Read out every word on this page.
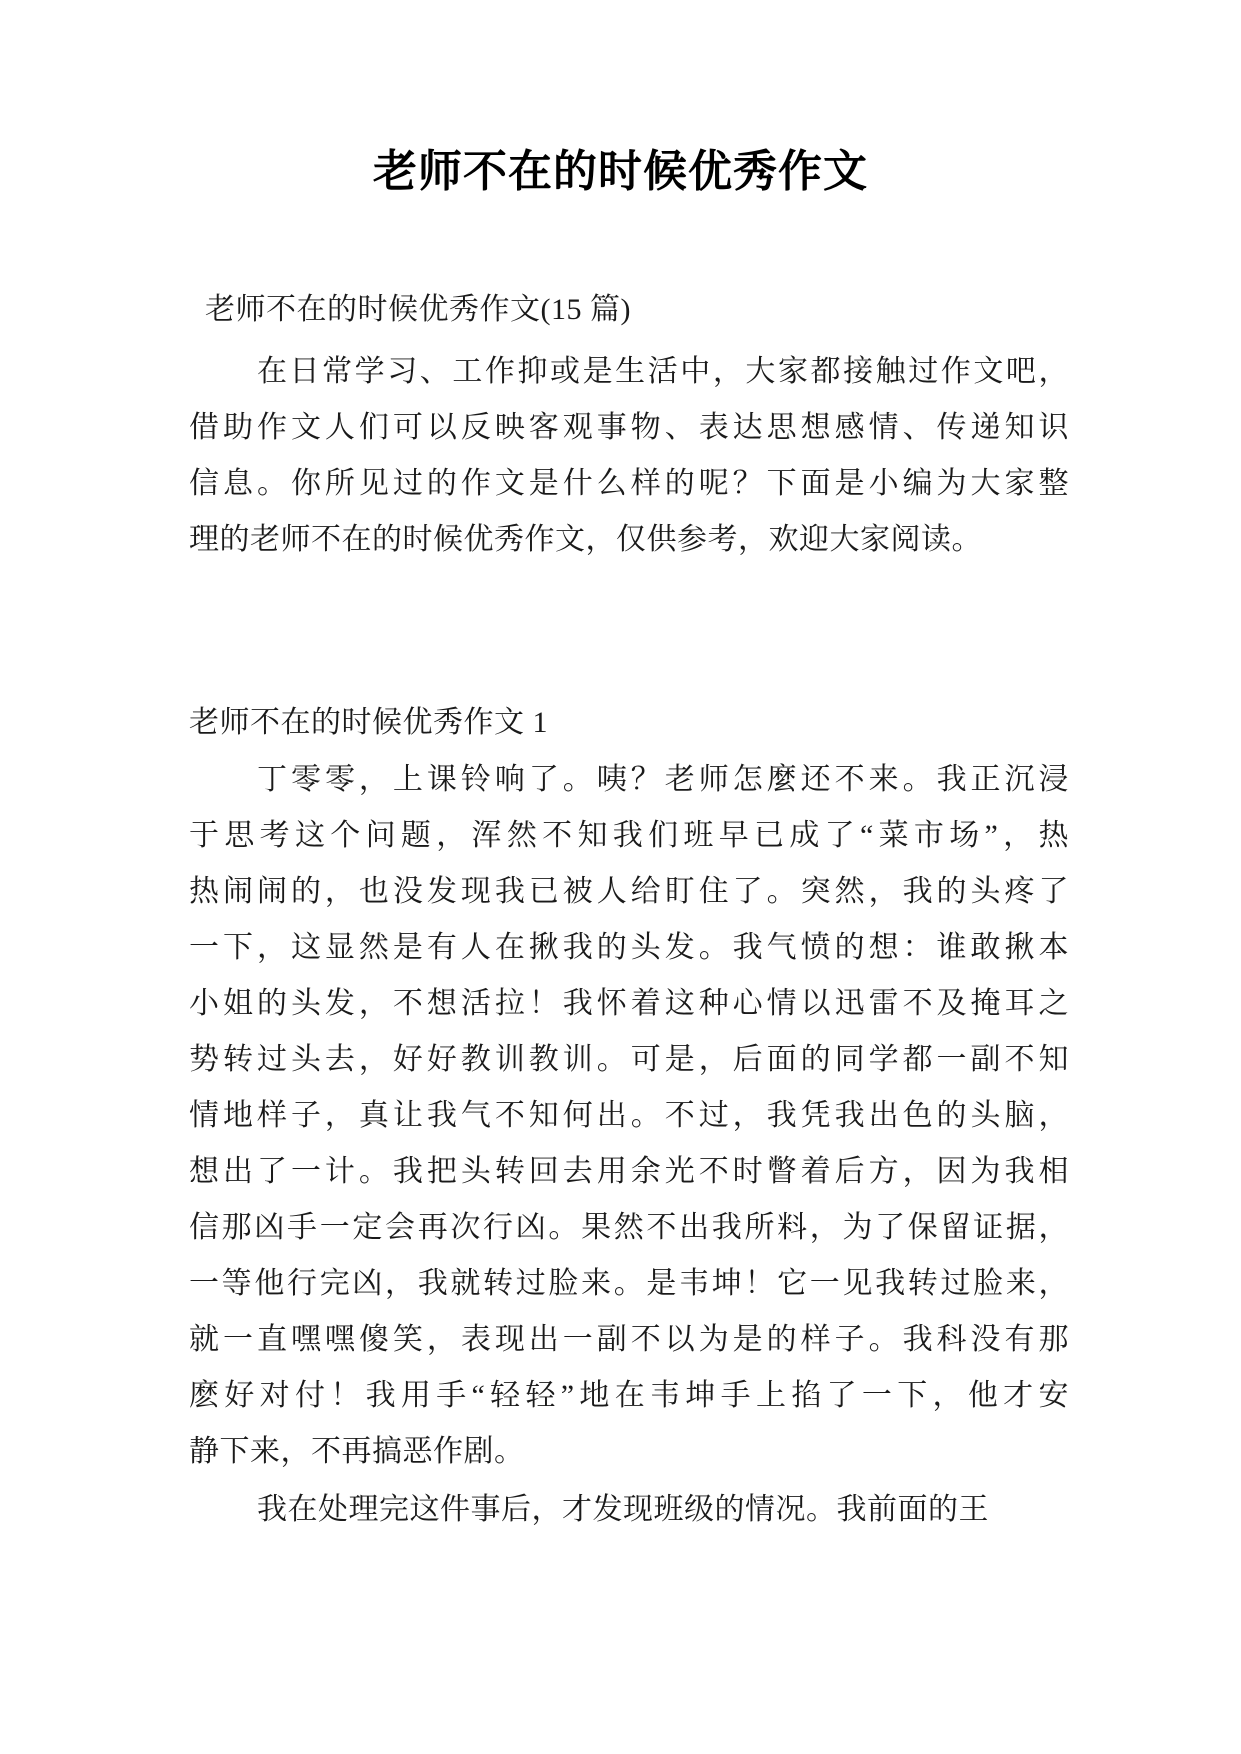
老师不在的时候优秀作文
老师不在的时候优秀作文(15 篇)
在日常学习、工作抑或是生活中，大家都接触过作文吧，
借助作文人们可以反映客观事物、表达思想感情、传递知识
信息。你所见过的作文是什么样的呢？下面是小编为大家整
理的老师不在的时候优秀作文，仅供参考，欢迎大家阅读。
老师不在的时候优秀作文 1
丁零零，上课铃响了。咦？老师怎麼还不来。我正沉浸
于思考这个问题，浑然不知我们班早已成了“菜市场”，热
热闹闹的，也没发现我已被人给盯住了。突然，我的头疼了
一下，这显然是有人在揪我的头发。我气愤的想：谁敢揪本
小姐的头发，不想活拉！我怀着这种心情以迅雷不及掩耳之
势转过头去，好好教训教训。可是，后面的同学都一副不知
情地样子，真让我气不知何出。不过，我凭我出色的头脑，
想出了一计。我把头转回去用余光不时瞥着后方，因为我相
信那凶手一定会再次行凶。果然不出我所料，为了保留证据，
一等他行完凶，我就转过脸来。是韦坤！它一见我转过脸来，
就一直嘿嘿傻笑，表现出一副不以为是的样子。我科没有那
麽好对付！我用手“轻轻”地在韦坤手上掐了一下，他才安
静下来，不再搞恶作剧。
我在处理完这件事后，才发现班级的情况。我前面的王
